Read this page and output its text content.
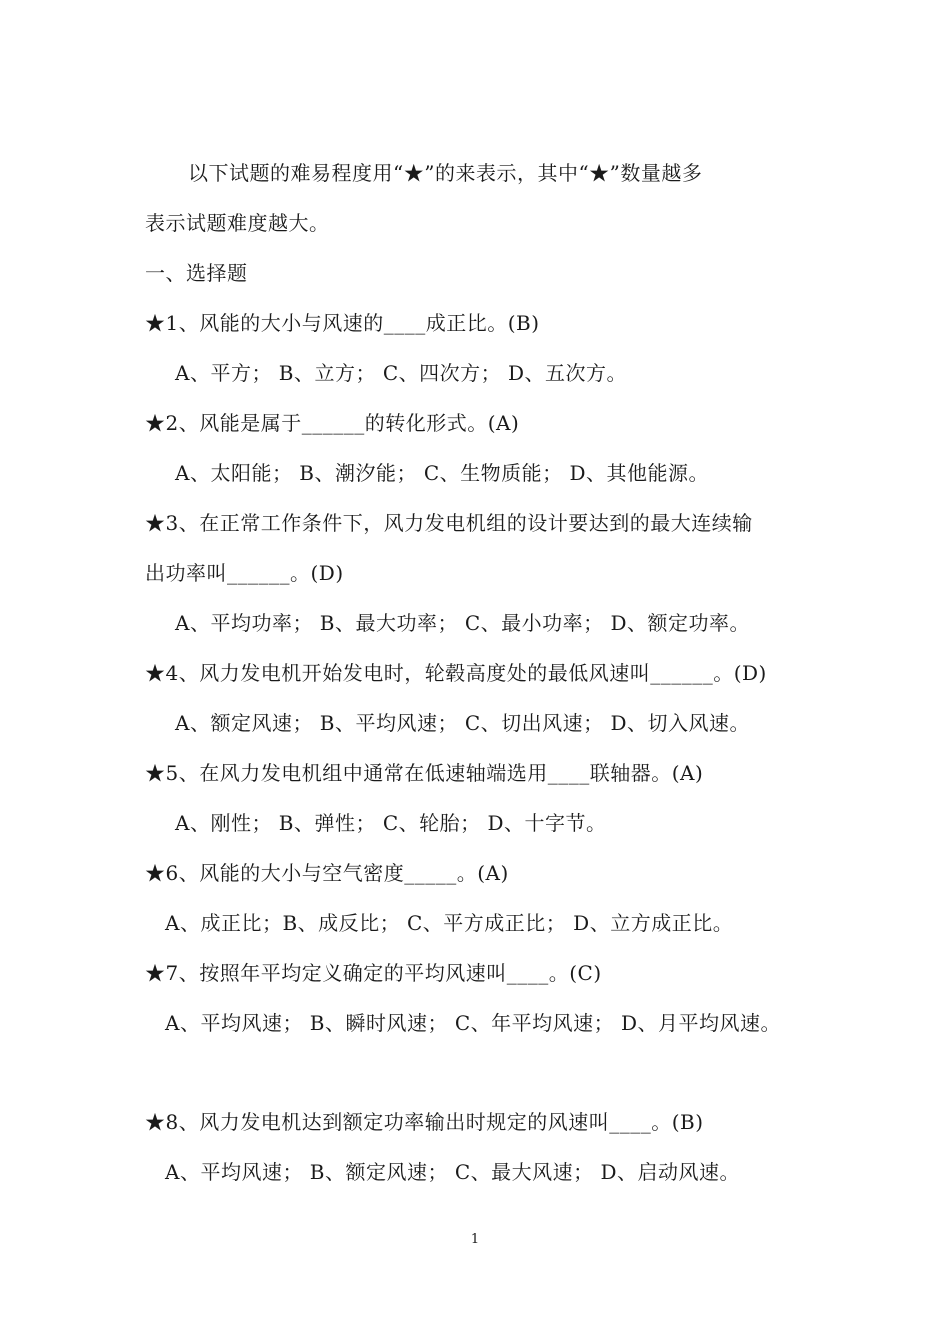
以下试题的难易程度用“★”的来表示，其中“★”数量越多
表示试题难度越大。
一、选择题
★1、风能的大小与风速的____成正比。(B)
A、平方； B、立方； C、四次方； D、五次方。
★2、风能是属于______的转化形式。(A)
A、太阳能； B、潮汐能； C、生物质能； D、其他能源。
★3、在正常工作条件下，风力发电机组的设计要达到的最大连续输
出功率叫______。(D)
A、平均功率； B、最大功率； C、最小功率； D、额定功率。
★4、风力发电机开始发电时，轮毂高度处的最低风速叫______。(D)
A、额定风速； B、平均风速； C、切出风速； D、切入风速。
★5、在风力发电机组中通常在低速轴端选用____联轴器。(A)
A、刚性； B、弹性； C、轮胎； D、十字节。
★6、风能的大小与空气密度_____。(A)
A、成正比；B、成反比； C、平方成正比； D、立方成正比。
★7、按照年平均定义确定的平均风速叫____。(C)
A、平均风速； B、瞬时风速； C、年平均风速； D、月平均风速。
★8、风力发电机达到额定功率输出时规定的风速叫____。(B)
A、平均风速； B、额定风速； C、最大风速； D、启动风速。
1
